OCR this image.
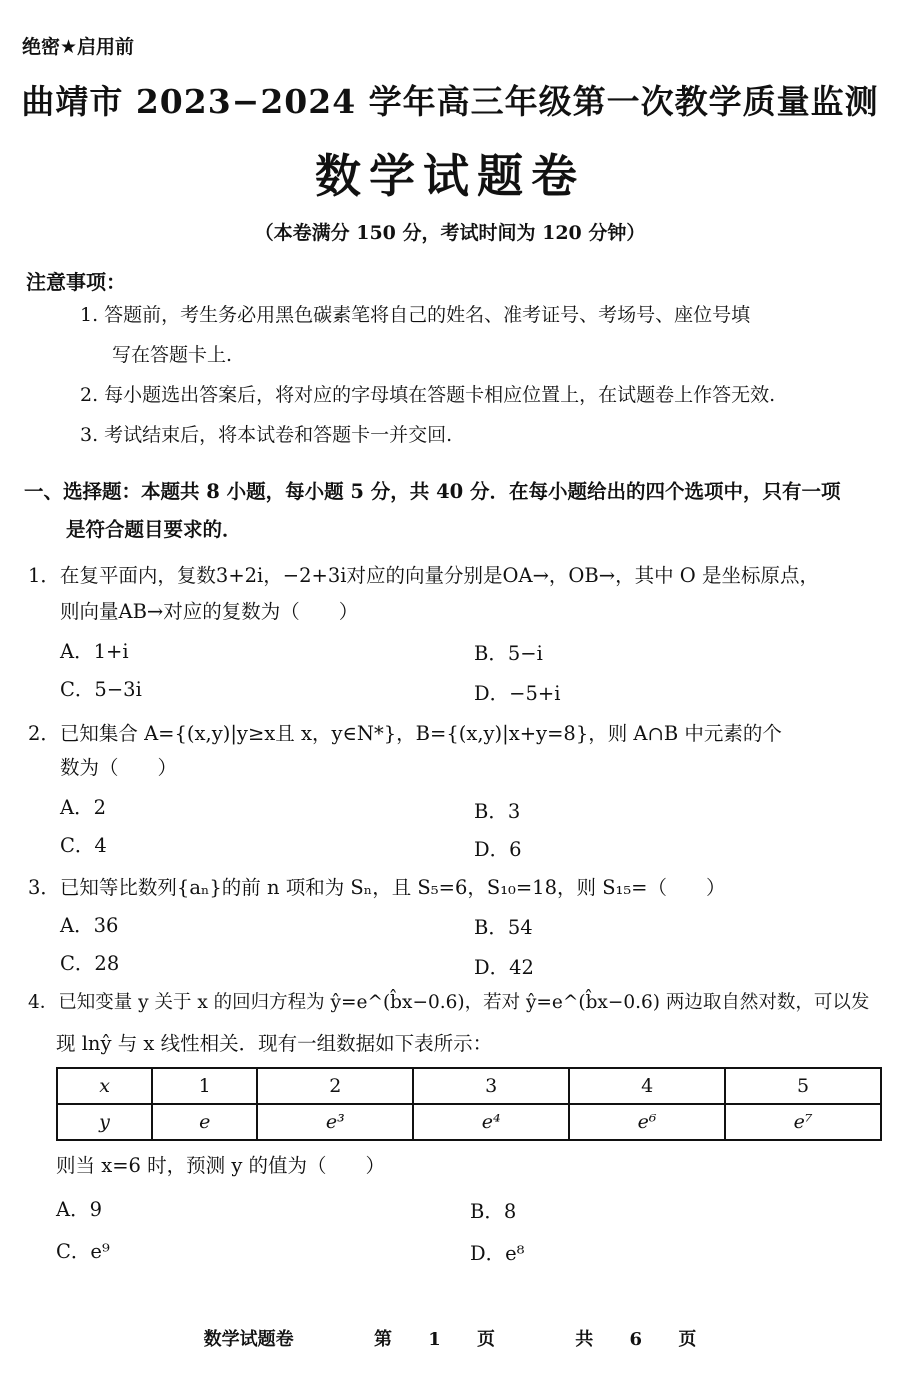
绝密★启用前
曲靖市 2023−2024 学年高三年级第一次教学质量监测
数学试题卷
（本卷满分 150 分，考试时间为 120 分钟）
注意事项：
1. 答题前，考生务必用黑色碳素笔将自己的姓名、准考证号、考场号、座位号填
写在答题卡上.
2. 每小题选出答案后，将对应的字母填在答题卡相应位置上，在试题卷上作答无效.
3. 考试结束后，将本试卷和答题卡一并交回.
一、选择题：本题共 8 小题，每小题 5 分，共 40 分．在每小题给出的四个选项中，只有一项
是符合题目要求的．
1．在复平面内，复数3+2i，−2+3i对应的向量分别是OA→，OB→，其中 O 是坐标原点，
则向量AB→对应的复数为（　　）
A．1+i	B．5−i
C．5−3i	D．−5+i
2．已知集合 A={(x,y)|y≥x且 x，y∈N*}，B={(x,y)|x+y=8}，则 A∩B 中元素的个
数为（　　）
A．2	B．3
C．4	D．6
3．已知等比数列{aₙ}的前 n 项和为 Sₙ，且 S₅=6，S₁₀=18，则 S₁₅=（　　）
A．36	B．54
C．28	D．42
4．已知变量 y 关于 x 的回归方程为 ŷ=e^(b̂x−0.6)，若对 ŷ=e^(b̂x−0.6) 两边取自然对数，可以发
现 lnŷ 与 x 线性相关．现有一组数据如下表所示：
x	1	2	3	4	5
y	e	e³	e⁴	e⁶	e⁷
则当 x=6 时，预测 y 的值为（　　）
A．9	B．8
C．e⁹	D．e⁸
数学试题卷	第 1 页	共 6 页
